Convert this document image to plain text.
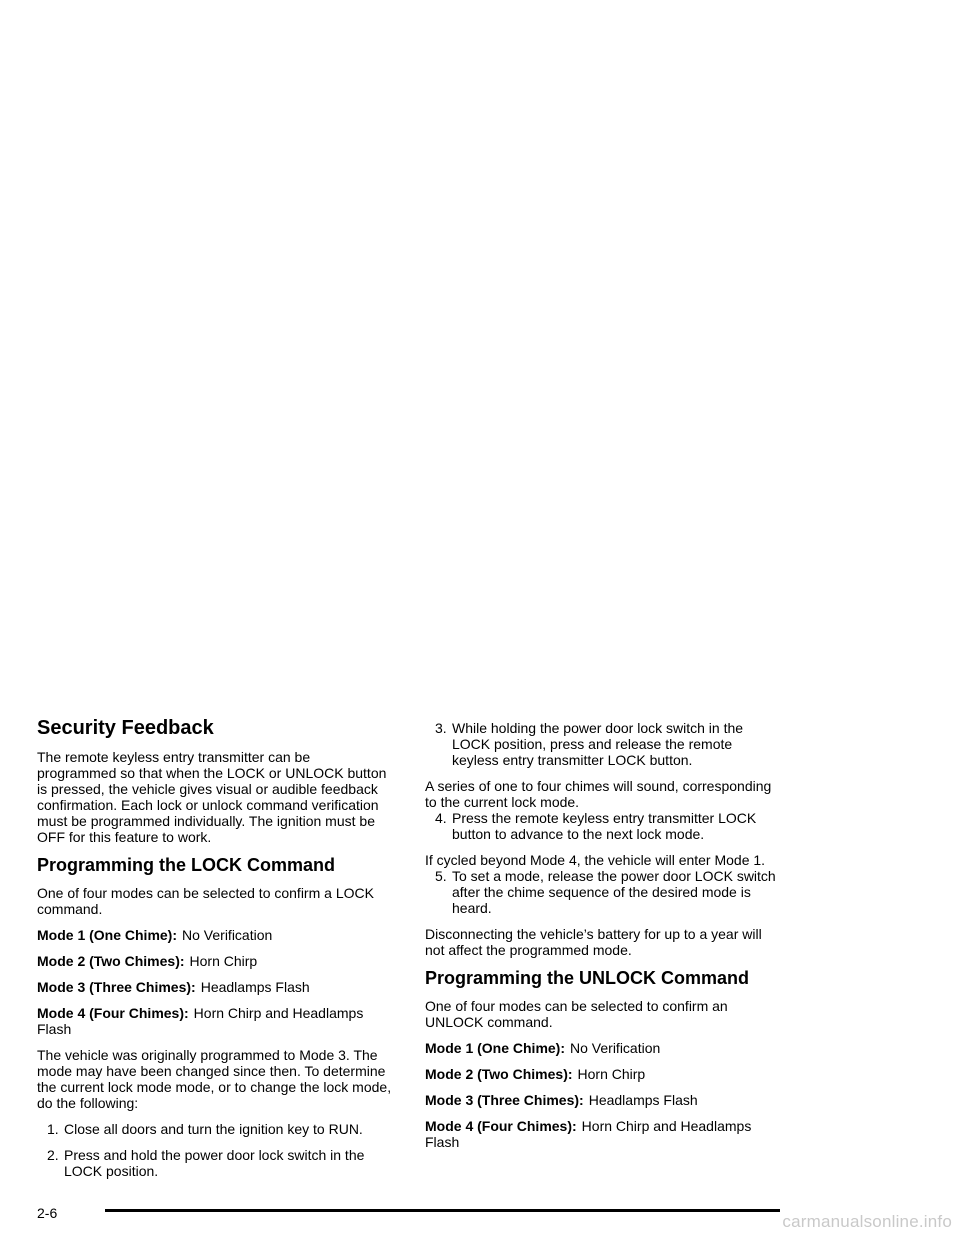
Security Feedback

The remote keyless entry transmitter can be programmed so that when the LOCK or UNLOCK button is pressed, the vehicle gives visual or audible feedback confirmation. Each lock or unlock command verification must be programmed individually. The ignition must be OFF for this feature to work.

Programming the LOCK Command

One of four modes can be selected to confirm a LOCK command.

Mode 1 (One Chime): No Verification
Mode 2 (Two Chimes): Horn Chirp
Mode 3 (Three Chimes): Headlamps Flash
Mode 4 (Four Chimes): Horn Chirp and Headlamps Flash

The vehicle was originally programmed to Mode 3. The mode may have been changed since then. To determine the current lock mode mode, or to change the lock mode, do the following:

1. Close all doors and turn the ignition key to RUN.
2. Press and hold the power door lock switch in the LOCK position.
3. While holding the power door lock switch in the LOCK position, press and release the remote keyless entry transmitter LOCK button.

A series of one to four chimes will sound, corresponding to the current lock mode.

4. Press the remote keyless entry transmitter LOCK button to advance to the next lock mode.

If cycled beyond Mode 4, the vehicle will enter Mode 1.

5. To set a mode, release the power door LOCK switch after the chime sequence of the desired mode is heard.

Disconnecting the vehicle’s battery for up to a year will not affect the programmed mode.

Programming the UNLOCK Command

One of four modes can be selected to confirm an UNLOCK command.

Mode 1 (One Chime): No Verification
Mode 2 (Two Chimes): Horn Chirp
Mode 3 (Three Chimes): Headlamps Flash
Mode 4 (Four Chimes): Horn Chirp and Headlamps Flash
2-6	carmanualsonline.info
